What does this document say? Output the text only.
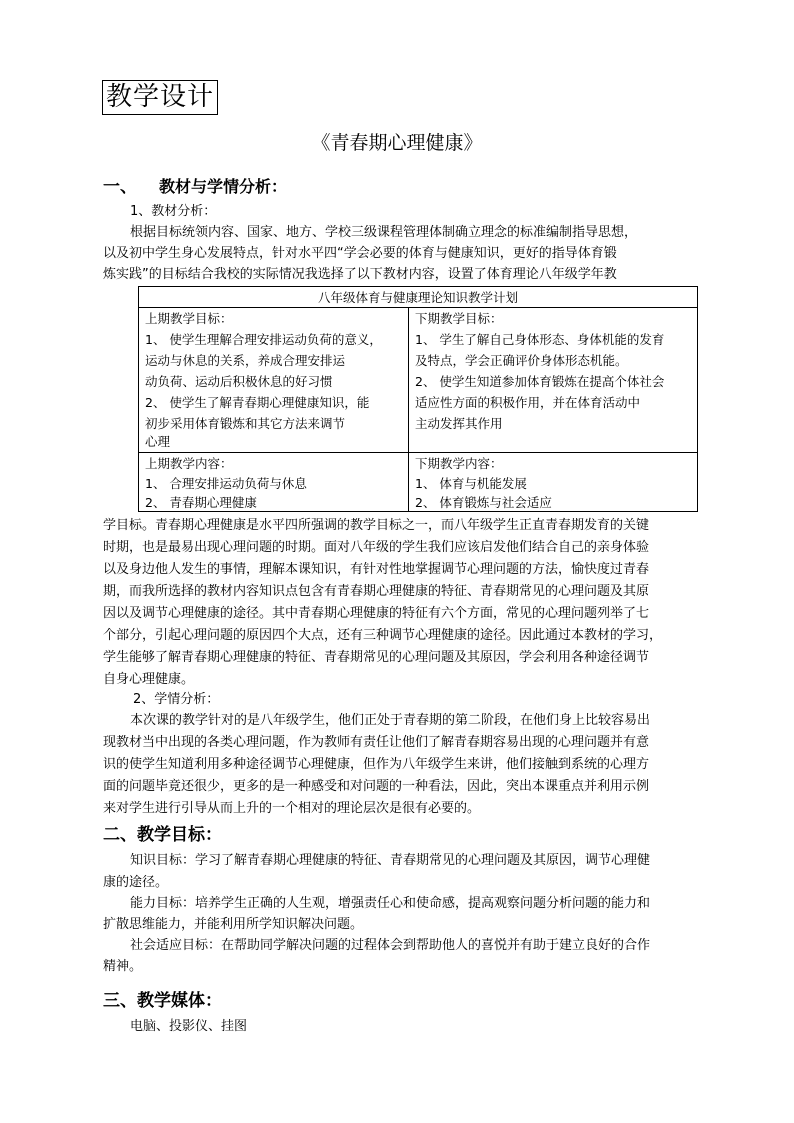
教学设计
《青春期心理健康》
一、 教材与学情分析：
1、教材分析：
根据目标统领内容、国家、地方、学校三级课程管理体制确立理念的标准编制指导思想，
以及初中学生身心发展特点，针对水平四“学会必要的体育与健康知识，更好的指导体育锻
炼实践”的目标结合我校的实际情况我选择了以下教材内容，设置了体育理论八年级学年教
八年级体育与健康理论知识教学计划
上期教学目标：
1、 使学生理解合理安排运动负荷的意义，
运动与休息的关系，养成合理安排运
动负荷、运动后积极休息的好习惯
2、 使学生了解青春期心理健康知识，能
初步采用体育锻炼和其它方法来调节
心理
下期教学目标：
1、 学生了解自己身体形态、身体机能的发育
及特点，学会正确评价身体形态机能。
2、 使学生知道参加体育锻炼在提高个体社会
适应性方面的积极作用，并在体育活动中
主动发挥其作用
上期教学内容：
1、 合理安排运动负荷与休息
2、 青春期心理健康
下期教学内容：
1、 体育与机能发展
2、 体育锻炼与社会适应
学目标。青春期心理健康是水平四所强调的教学目标之一，而八年级学生正直青春期发育的关键
时期，也是最易出现心理问题的时期。面对八年级的学生我们应该启发他们结合自己的亲身体验
以及身边他人发生的事情，理解本课知识，有针对性地掌握调节心理问题的方法，愉快度过青春
期，而我所选择的教材内容知识点包含有青春期心理健康的特征、青春期常见的心理问题及其原
因以及调节心理健康的途径。其中青春期心理健康的特征有六个方面，常见的心理问题列举了七
个部分，引起心理问题的原因四个大点，还有三种调节心理健康的途径。因此通过本教材的学习，
学生能够了解青春期心理健康的特征、青春期常见的心理问题及其原因，学会利用各种途径调节
自身心理健康。
2、学情分析：
本次课的教学针对的是八年级学生，他们正处于青春期的第二阶段，在他们身上比较容易出
现教材当中出现的各类心理问题，作为教师有责任让他们了解青春期容易出现的心理问题并有意
识的使学生知道利用多种途径调节心理健康，但作为八年级学生来讲，他们接触到系统的心理方
面的问题毕竟还很少，更多的是一种感受和对问题的一种看法，因此，突出本课重点并利用示例
来对学生进行引导从而上升的一个相对的理论层次是很有必要的。
二、教学目标：
知识目标：学习了解青春期心理健康的特征、青春期常见的心理问题及其原因，调节心理健
康的途径。
能力目标：培养学生正确的人生观，增强责任心和使命感，提高观察问题分析问题的能力和
扩散思维能力，并能利用所学知识解决问题。
社会适应目标：在帮助同学解决问题的过程体会到帮助他人的喜悦并有助于建立良好的合作
精神。
三、教学媒体：
电脑、投影仪、挂图
